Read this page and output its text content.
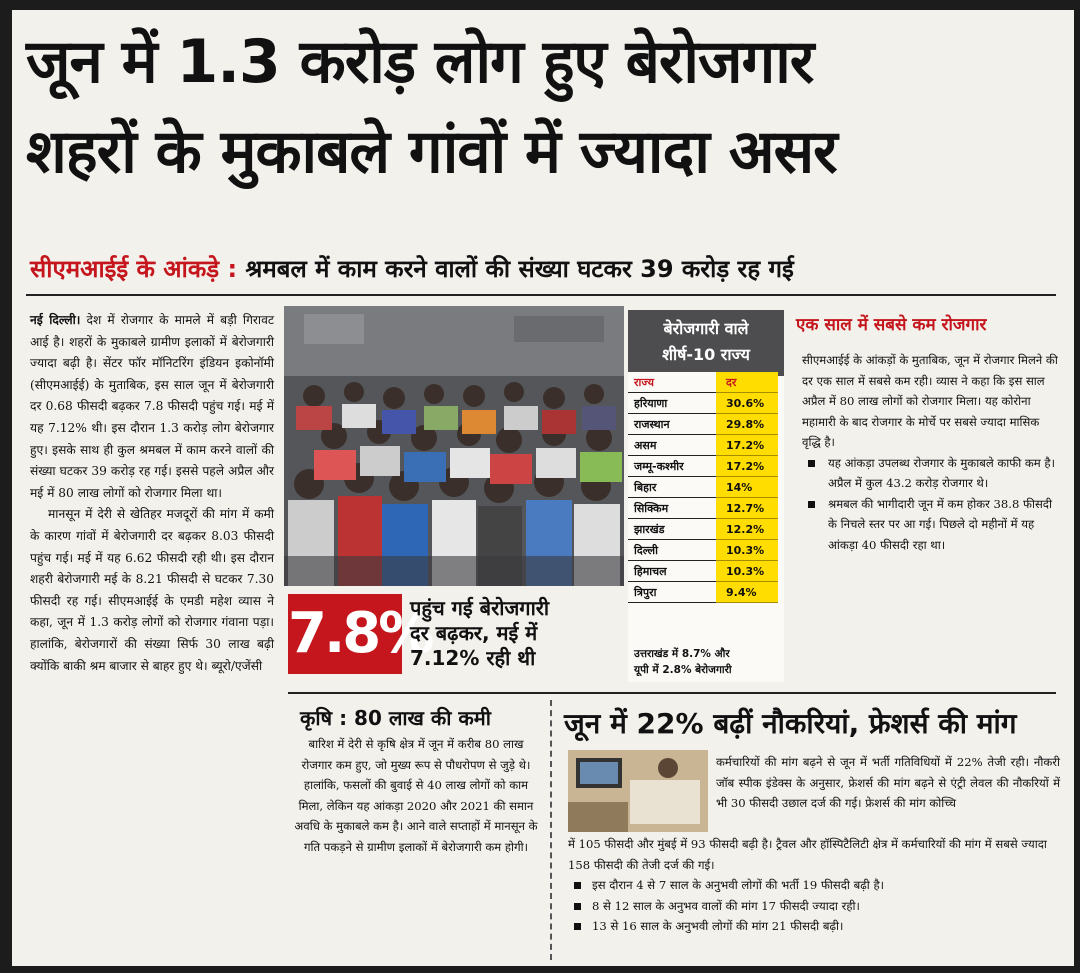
जून में 1.3 करोड़ लोग हुए बेरोजगार
शहरों के मुकाबले गांवों में ज्यादा असर
सीएमआईई के आंकड़े : श्रमबल में काम करने वालों की संख्या घटकर 39 करोड़ रह गई

नई दिल्ली। देश में रोजगार के मामले में बड़ी गिरावट आई है। शहरों के मुकाबले ग्रामीण इलाकों में बेरोजगारी ज्यादा बढ़ी है। सेंटर फॉर मॉनिटरिंग इंडियन इकोनॉमी (सीएमआईई) के मुताबिक, इस साल जून में बेरोजगारी दर 0.68 फीसदी बढ़कर 7.8 फीसदी पहुंच गई। मई में यह 7.12% थी। इस दौरान 1.3 करोड़ लोग बेरोजगार हुए। इसके साथ ही कुल श्रमबल में काम करने वालों की संख्या घटकर 39 करोड़ रह गई। इससे पहले अप्रैल और मई में 80 लाख लोगों को रोजगार मिला था।

मानसून में देरी से खेतिहर मजदूरों की मांग में कमी के कारण गांवों में बेरोजगारी दर बढ़कर 8.03 फीसदी पहुंच गई। मई में यह 6.62 फीसदी रही थी। इस दौरान शहरी बेरोजगारी मई के 8.21 फीसदी से घटकर 7.30 फीसदी रह गई। सीएमआईई के एमडी महेश व्यास ने कहा, जून में 1.3 करोड़ लोगों को रोजगार गंवाना पड़ा। हालांकि, बेरोजगारों की संख्या सिर्फ 30 लाख बढ़ी क्योंकि बाकी श्रम बाजार से बाहर हुए थे। ब्यूरो/एजेंसी 7.8%
पहुंच गई बेरोजगारी
दर बढ़कर, मई में
7.12% रही थी
बेरोजगारी वाले
शीर्ष-10 राज्य
राज्य	दर
हरियाणा	30.6%
राजस्थान	29.8%
असम	17.2%
जम्मू-कश्मीर	17.2%
बिहार	14%
सिक्किम	12.7%
झारखंड	12.2%
दिल्ली	10.3%
हिमाचल	10.3%
त्रिपुरा	9.4%
उत्तराखंड में 8.7% और
यूपी में 2.8% बेरोजगारी
एक साल में सबसे कम रोजगार

सीएमआईई के आंकड़ों के मुताबिक, जून में रोजगार मिलने की दर एक साल में सबसे कम रही। व्यास ने कहा कि इस साल अप्रैल में 80 लाख लोगों को रोजगार मिला। यह कोरोना महामारी के बाद रोजगार के मोर्चे पर सबसे ज्यादा मासिक वृद्धि है।

यह आंकड़ा उपलब्ध रोजगार के मुकाबले काफी कम है। अप्रैल में कुल 43.2 करोड़ रोजगार थे।

श्रमबल की भागीदारी जून में कम होकर 38.8 फीसदी के निचले स्तर पर आ गई। पिछले दो महीनों में यह आंकड़ा 40 फीसदी रहा था।

कृषि : 80 लाख की कमी

बारिश में देरी से कृषि क्षेत्र में जून में करीब 80 लाख रोजगार कम हुए, जो मुख्य रूप से पौधरोपण से जुड़े थे। हालांकि, फसलों की बुवाई से 40 लाख लोगों को काम मिला, लेकिन यह आंकड़ा 2020 और 2021 की समान अवधि के मुकाबले कम है। आने वाले सप्ताहों में मानसून के गति पकड़ने से ग्रामीण इलाकों में बेरोजगारी कम होगी।

जून में 22% बढ़ीं नौकरियां, फ्रेशर्स की मांग
कर्मचारियों की मांग बढ़ने से जून में भर्ती गतिविधियों में 22% तेजी रही। नौकरी जॉब स्पीक इंडेक्स के अनुसार, फ्रेशर्स की मांग बढ़ने से एंट्री लेवल की नौकरियों में भी 30 फीसदी उछाल दर्ज की गई। फ्रेशर्स की मांग कोच्चि

में 105 फीसदी और मुंबई में 93 फीसदी बढ़ी है। ट्रैवल और हॉस्पिटैलिटी क्षेत्र में कर्मचारियों की मांग में सबसे ज्यादा 158 फीसदी की तेजी दर्ज की गई।

इस दौरान 4 से 7 साल के अनुभवी लोगों की भर्ती 19 फीसदी बढ़ी है।

8 से 12 साल के अनुभव वालों की मांग 17 फीसदी ज्यादा रही।

13 से 16 साल के अनुभवी लोगों की मांग 21 फीसदी बढ़ी।
